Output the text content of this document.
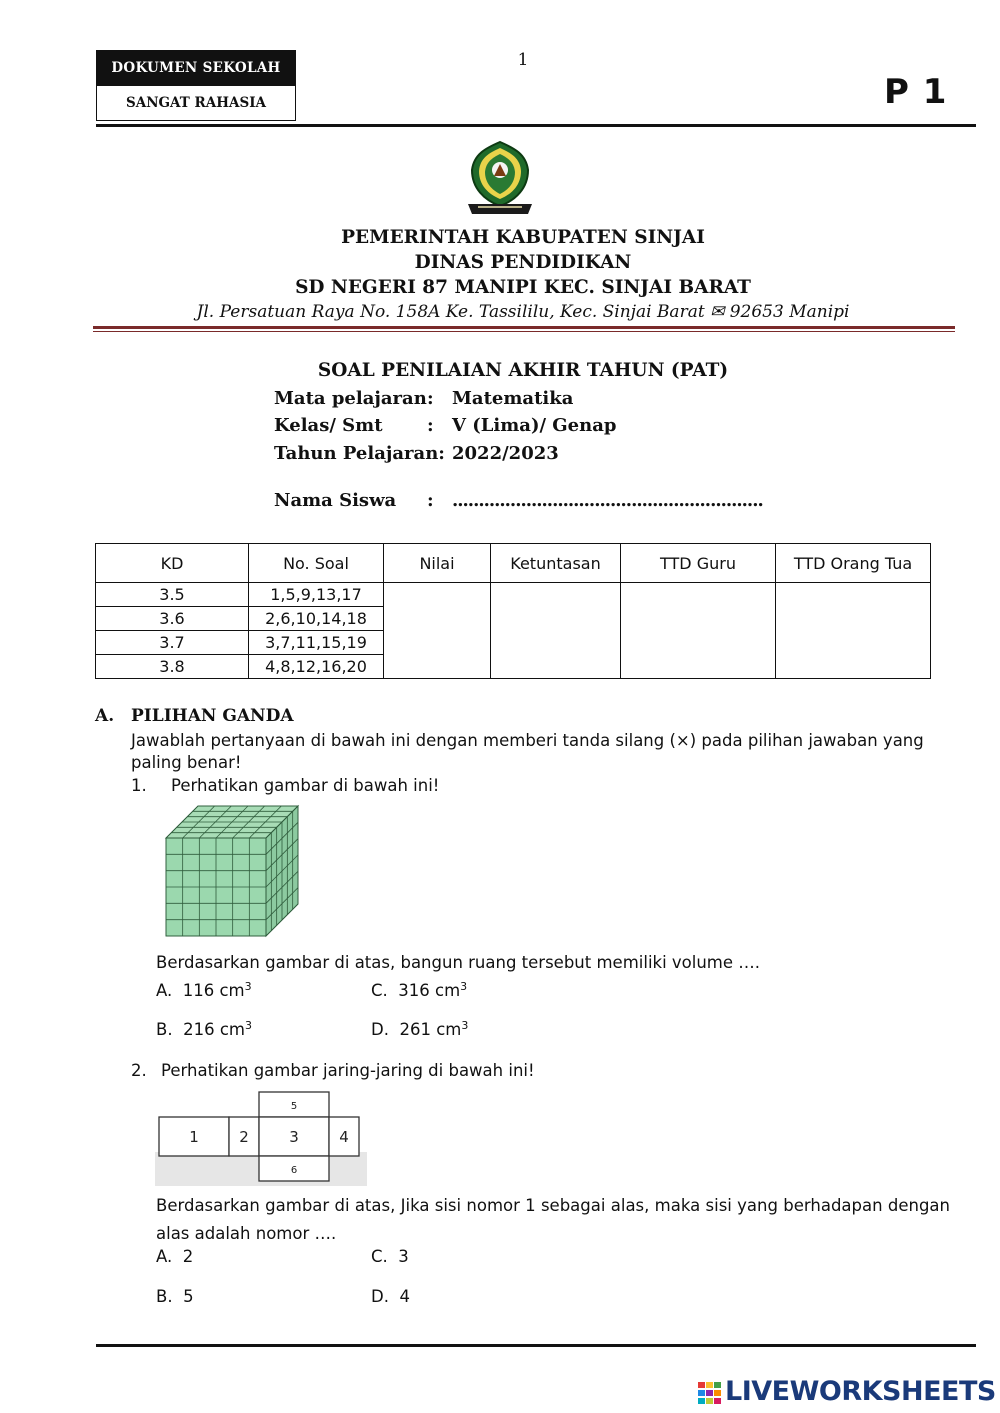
DOKUMEN SEKOLAH
SANGAT RAHASIA
1
P 1
PEMERINTAH KABUPATEN SINJAI
DINAS PENDIDIKAN
SD NEGERI 87 MANIPI KEC. SINJAI BARAT
Jl. Persatuan Raya No. 158A Ke. Tassililu, Kec. Sinjai Barat ✉ 92653 Manipi
SOAL PENILAIAN AKHIR TAHUN (PAT)
Mata pelajaran : Matematika
Kelas/ Smt : V (Lima)/ Genap
Tahun Pelajaran: 2022/2023
Nama Siswa : ...........................................................
KD	No. Soal	Nilai	Ketuntasan	TTD Guru	TTD Orang Tua
3.5	1,5,9,13,17				
3.6	2,6,10,14,18				
3.7	3,7,11,15,19				
3.8	4,8,12,16,20				
A. PILIHAN GANDA
Jawablah pertanyaan di bawah ini dengan memberi tanda silang (×) pada pilihan jawaban yang paling benar!
1. Perhatikan gambar di bawah ini!
Berdasarkan gambar di atas, bangun ruang tersebut memiliki volume ….
A. 116 $cm^3$	C. 316 $cm^3$
B. 216 $cm^3$	D. 261 $cm^3$
2. Perhatikan gambar jaring-jaring di bawah ini!
5
1	2	3	4
6
Berdasarkan gambar di atas, Jika sisi nomor 1 sebagai alas, maka sisi yang berhadapan dengan alas adalah nomor ….
A. 2	C. 3
B. 5	D. 4
LIVEWORKSHEETS
